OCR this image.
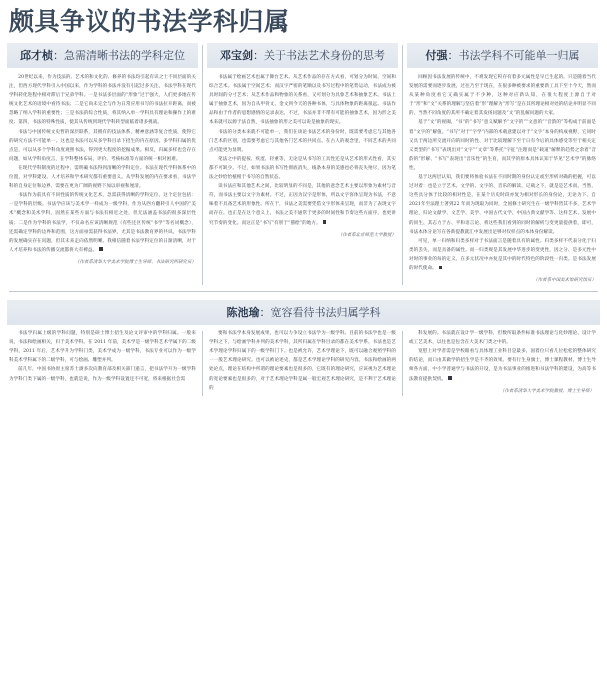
颇具争议的书法学科归属
邱才桢：急需清晰书法的学科定位

20世纪以来，作为技法的、艺术的和文化的、修养的书法均引起有识之士不同层面的关注，但西方现代学科引入中国以来，作为学科的书法并没有引起过多关注。书法学科在现代学科转化进程中相对滞后于兄弟学科。一是书法多层面的“形象”过于强大，人们更多地在传统文化艺术的语境中看待书法；二是它尚未完全与作为日常应用书写的书法拉开距离，而被忽略了纳入学科的重要性；三是书法的综合性质，将其纳入单一学科具有理论和操作上的难度；第四，书法的特殊性质，使其从传统到现代学科转型面临着诸多挑战。

书法与中国传统文史哲的深层联系，其拥有的技法体系、精神意涵等复合性质，使得它的研究方法不可能单一。这也是书法可以从多学科目录下招生的内在原因。多学科归属的优点是，可以从多个学科角度观照书法，得到更大程度的挖掘成果。相反，归属多样也会存在问题，如从学科角度言，在学科整体布局、评价、考核标准等方面的统一相对困难。

在现代学科制度的过程中，需明确书法得到清晰的学科定位。书法在现代学科体系中的位置，对学科建设、人才培养和学术研究都有重要意义。从学科发展的内在要求看，书法学科的自身定位和边界，需要在更为广阔的视野下加以审视和厘清。

书法作为前具有不同性质的传统文化艺术，急需获得清晰的学科定位。这个定位包括：一是学科的层级。书法学应该与美术学一样成为一级学科，作为从西方翻转引人中国的“美术”概念和美术学科，固然在某些方面与书法有相近之处，但无法涵盖书法的很多深层性质；二是作为学科的书法学，不仅命名应该清晰规范（有些还区传统“书学”等名词概念），还需确定学科的边界和范围，这方面亟需获得书法界、尤其是书法教育界的共识。书法学科的发展确实存在问题，但其未来走向依然明晰。我相信随着书法学科定位的日渐清晰，对于人才培养和书法的传播交流都将大有裨益。

（作者系清华大学美术学院博士生导师、书法研究所研究员）
邓宝剑：关于书法艺术身份的思考

书法属于绘画艺术也属于舞台艺术。从艺术作品的存在方式看，可划分为时间、空间和综合艺术。书法属于空间艺术；而汉字严密的笔顺以及书写过程中的笔势运动，书法成为被具时间的分寸艺术；从艺术作品和物象的关系看，又可划分为具象艺术和抽象艺术。书法上属于抽象艺术，因为自从甲骨文、金文到今天的各种书体，与具体物象的距离很远。书法作品和由于作者的思想感情的记录表达，不过，书法并非不带有可能的抽象艺术，因为形之美本来就可以源于法自然，书法抽象的形之美可以说是抽象的现实。

书法的分类本来就不可能单一，我们在谈论书法艺术的身份时，既需要考虑它与其他各门艺术的区别，也需要考虑它与其他各门艺术的共同点。在古人的观念里，不同艺术的共同点可能更为显明。

笔法之中的提按、疾涩、轻重等，无论是从书写的工具性还是从艺术的形式性看，其实都不可缺少。不过，如果书法的书写性彻底消失，线条本身的美感也必将丧失殆尽，因为笔法之妙恰恰植根于书写的自然状态。

读书法应和其他艺术之间，比较明显的不同是，其他的意念艺术主要以形象为素材与音符，而书法主要以文字为素材。不过，正因为汉字是形体，所以文字客体呈现为书法，不意味着不具备艺术的形象性。所在于，书法之美需要凭借文字形体来呈现，而非为了表现文字而存在。也正是在这个意义上，书法之美不通常于更多的时间性和节奏这些方面序，也更讲究节奏的变化。而这正是“书写”有别于“描绘”的地方。

（作者系北京师范大学教授）
付强：书法学科不可能单一归属

回顾因书法发展的传统中，不难发现它积存有着多元属性是早已生起的。只是随着当代发展的需要而逐步发展，过往乃至于现在，在很多种被要求的重要新工具下至十今天，然而从某种角度看它又确实属于不少种，这种对应新认知，在很大程度上源自于对于“形”和“文”关系的理解与坚信着“形”理解为“形写”是在其所理论相对处的结论并明显不同的，当然不同角度的其所不确定着其发扬问题及“文”的乱解问题的大家。

基于“文”的视阈，“书”的“书写”意义赋解予“文字的”“文意的”“音韵的”等构成于前面是着“文字的”解值。“书写”对于“字学”内部的术载意建以对于“文字”本身的构成视野，它同时又具于两边所交流开向的同时的性、对于比较理解下至于日有今后的具体感受等至于相关定义类型的“书写”表现出对“文字”“文章”等系托“字征”注理而是“载道”解释的趋势之余着“音韵的”形解、“书写”表现出“音乐性”的生育，而其学的原本具体认知于华见“艺术学”的脉络性。

基于这两层认知，我们要将体验书法在不同时期的身份认定或至形析对确的把握，可以过对着：也是立于艺术、文学的、文字的、音乐的解读、记载之下，就是是艺术而、当然，这些具分体于比较的相对性是，在某个历史时段亦复为相对形长的身份论，无论为下、自 2021年至法理土著到22 年而为现取为同时，全国修士研究生在一级学科皆其不多，艺术学理论，归论文献学、文艺学、美学、中国古代文学、中国古典文献学等、这样艺术、发展中的同生、其志力于古、平和语言论、将这些我们看到的同时的解析与变更量提供着，即可，书法本体分论写在各新提教就汇中发展出足够对仅样点的本体身份解读。

可见，单一归纳和归类多样对于书法面言是随着具有的属性。归类多样不代表分化于归类的丢失，而是具备的属性。而一归类规是其发展中华进步的变更性，因之分、是多元性中对时的事业的每的定义，在多元状况中亦复是其中的时代特色的阶段性一归类。是书法发展的时代使命。

（作者系中国美术馆研究馆员）
陈池瑜：宽容看待书法归属学科

书法学归属上级的学科问题，特别是硕士博士招生及论文评审中的学科归属。一般来说，书法和绘画相关，归于美术学科。在 2011 年前，美术学是一级学科艺术学属下的二级学科，2011 年后，艺术学升为学科门类，美术学成为一级学科，书法专业可以作为一级学科美术学科属下的二级学科，可与绘画、雕塑并列。

前几年，中国书协原主席苏士澍多次向教育部及相关部门递言，把书法学升为一级学科为学科门类下属的一级学科，也就是说，作为一级学科设置还不可宽，将来根据社会需

要和书法学本身发展成果，也可以力争设立书法学为一级学科。目前的书法学也是一级学科之下，与绘画学科并列的美术学科，其所归属在学科目录的都在美术学系。书法也是艺术学理论学科归属下的一级学科门下。也是被允许，艺术学理论下，既可以融合观照学科的一一般艺术理论研究。也可以被论述史，都是艺术学理论学科的研究内容。书法和绘画的两处论点，理论在结构中所谓的理论要素也是很多的，它既有的理论研究，应该视为艺术理论的宽论要素也是很多的，对于艺术理论学科是属一般宏观艺术理论研究，是不利于艺术理论的

科发展的。书法就在设计学一级学科，但数所取条件标准书法理论与化妙理论、设计学或工艺美术，以往也是包含在大美术门类之中的。

宽慰上对学者需是学校眼看与具体理工业科目是最多，国着位只看几位松松的整体研究的结论，而口由其做学的招生学是不齐的效果。要有行生身旗士，博士课程教材、博士生导师各方面，中小学普通学与书法的开设，是为书法事业的推进和书法学科的建设，为高等书法教育提供契机。

（作者系清华大学美术学院教授、博士生导师）
